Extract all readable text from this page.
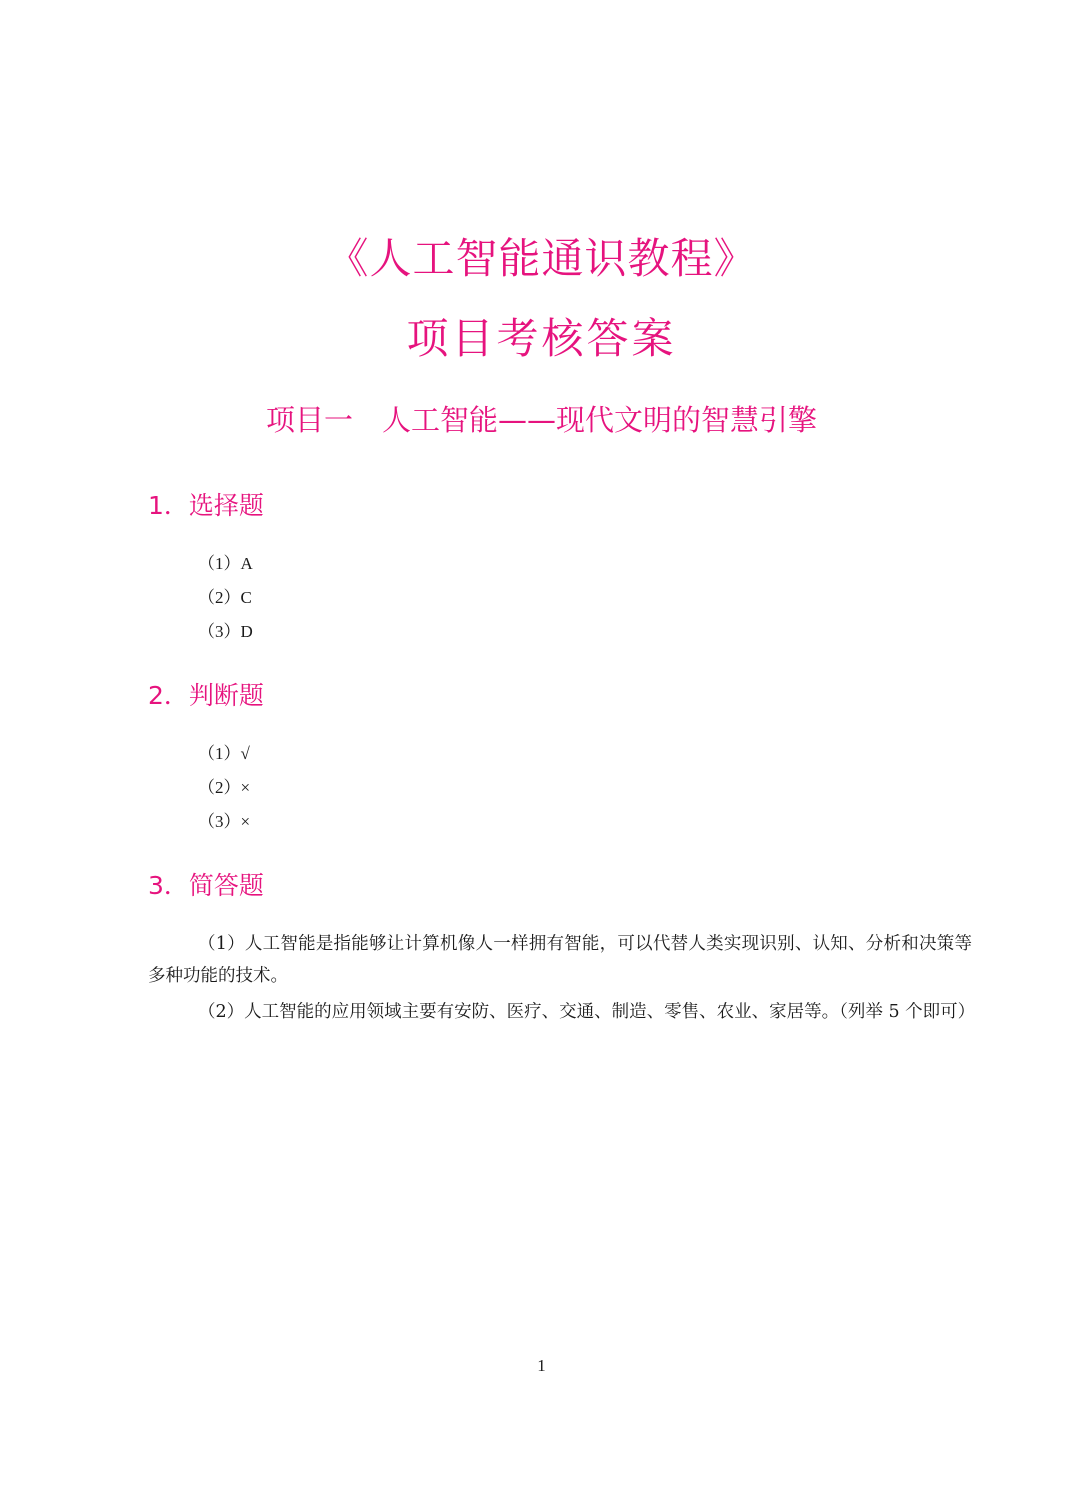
《人工智能通识教程》
项目考核答案
项目一　人工智能——现代文明的智慧引擎
1．选择题
（1）A
（2）C
（3）D
2．判断题
（1）√
（2）×
（3）×
3．简答题

（1）人工智能是指能够让计算机像人一样拥有智能，可以代替人类实现识别、认知、分析和决策等多种功能的技术。

（2）人工智能的应用领域主要有安防、医疗、交通、制造、零售、农业、家居等。（列举 5 个即可）

1
